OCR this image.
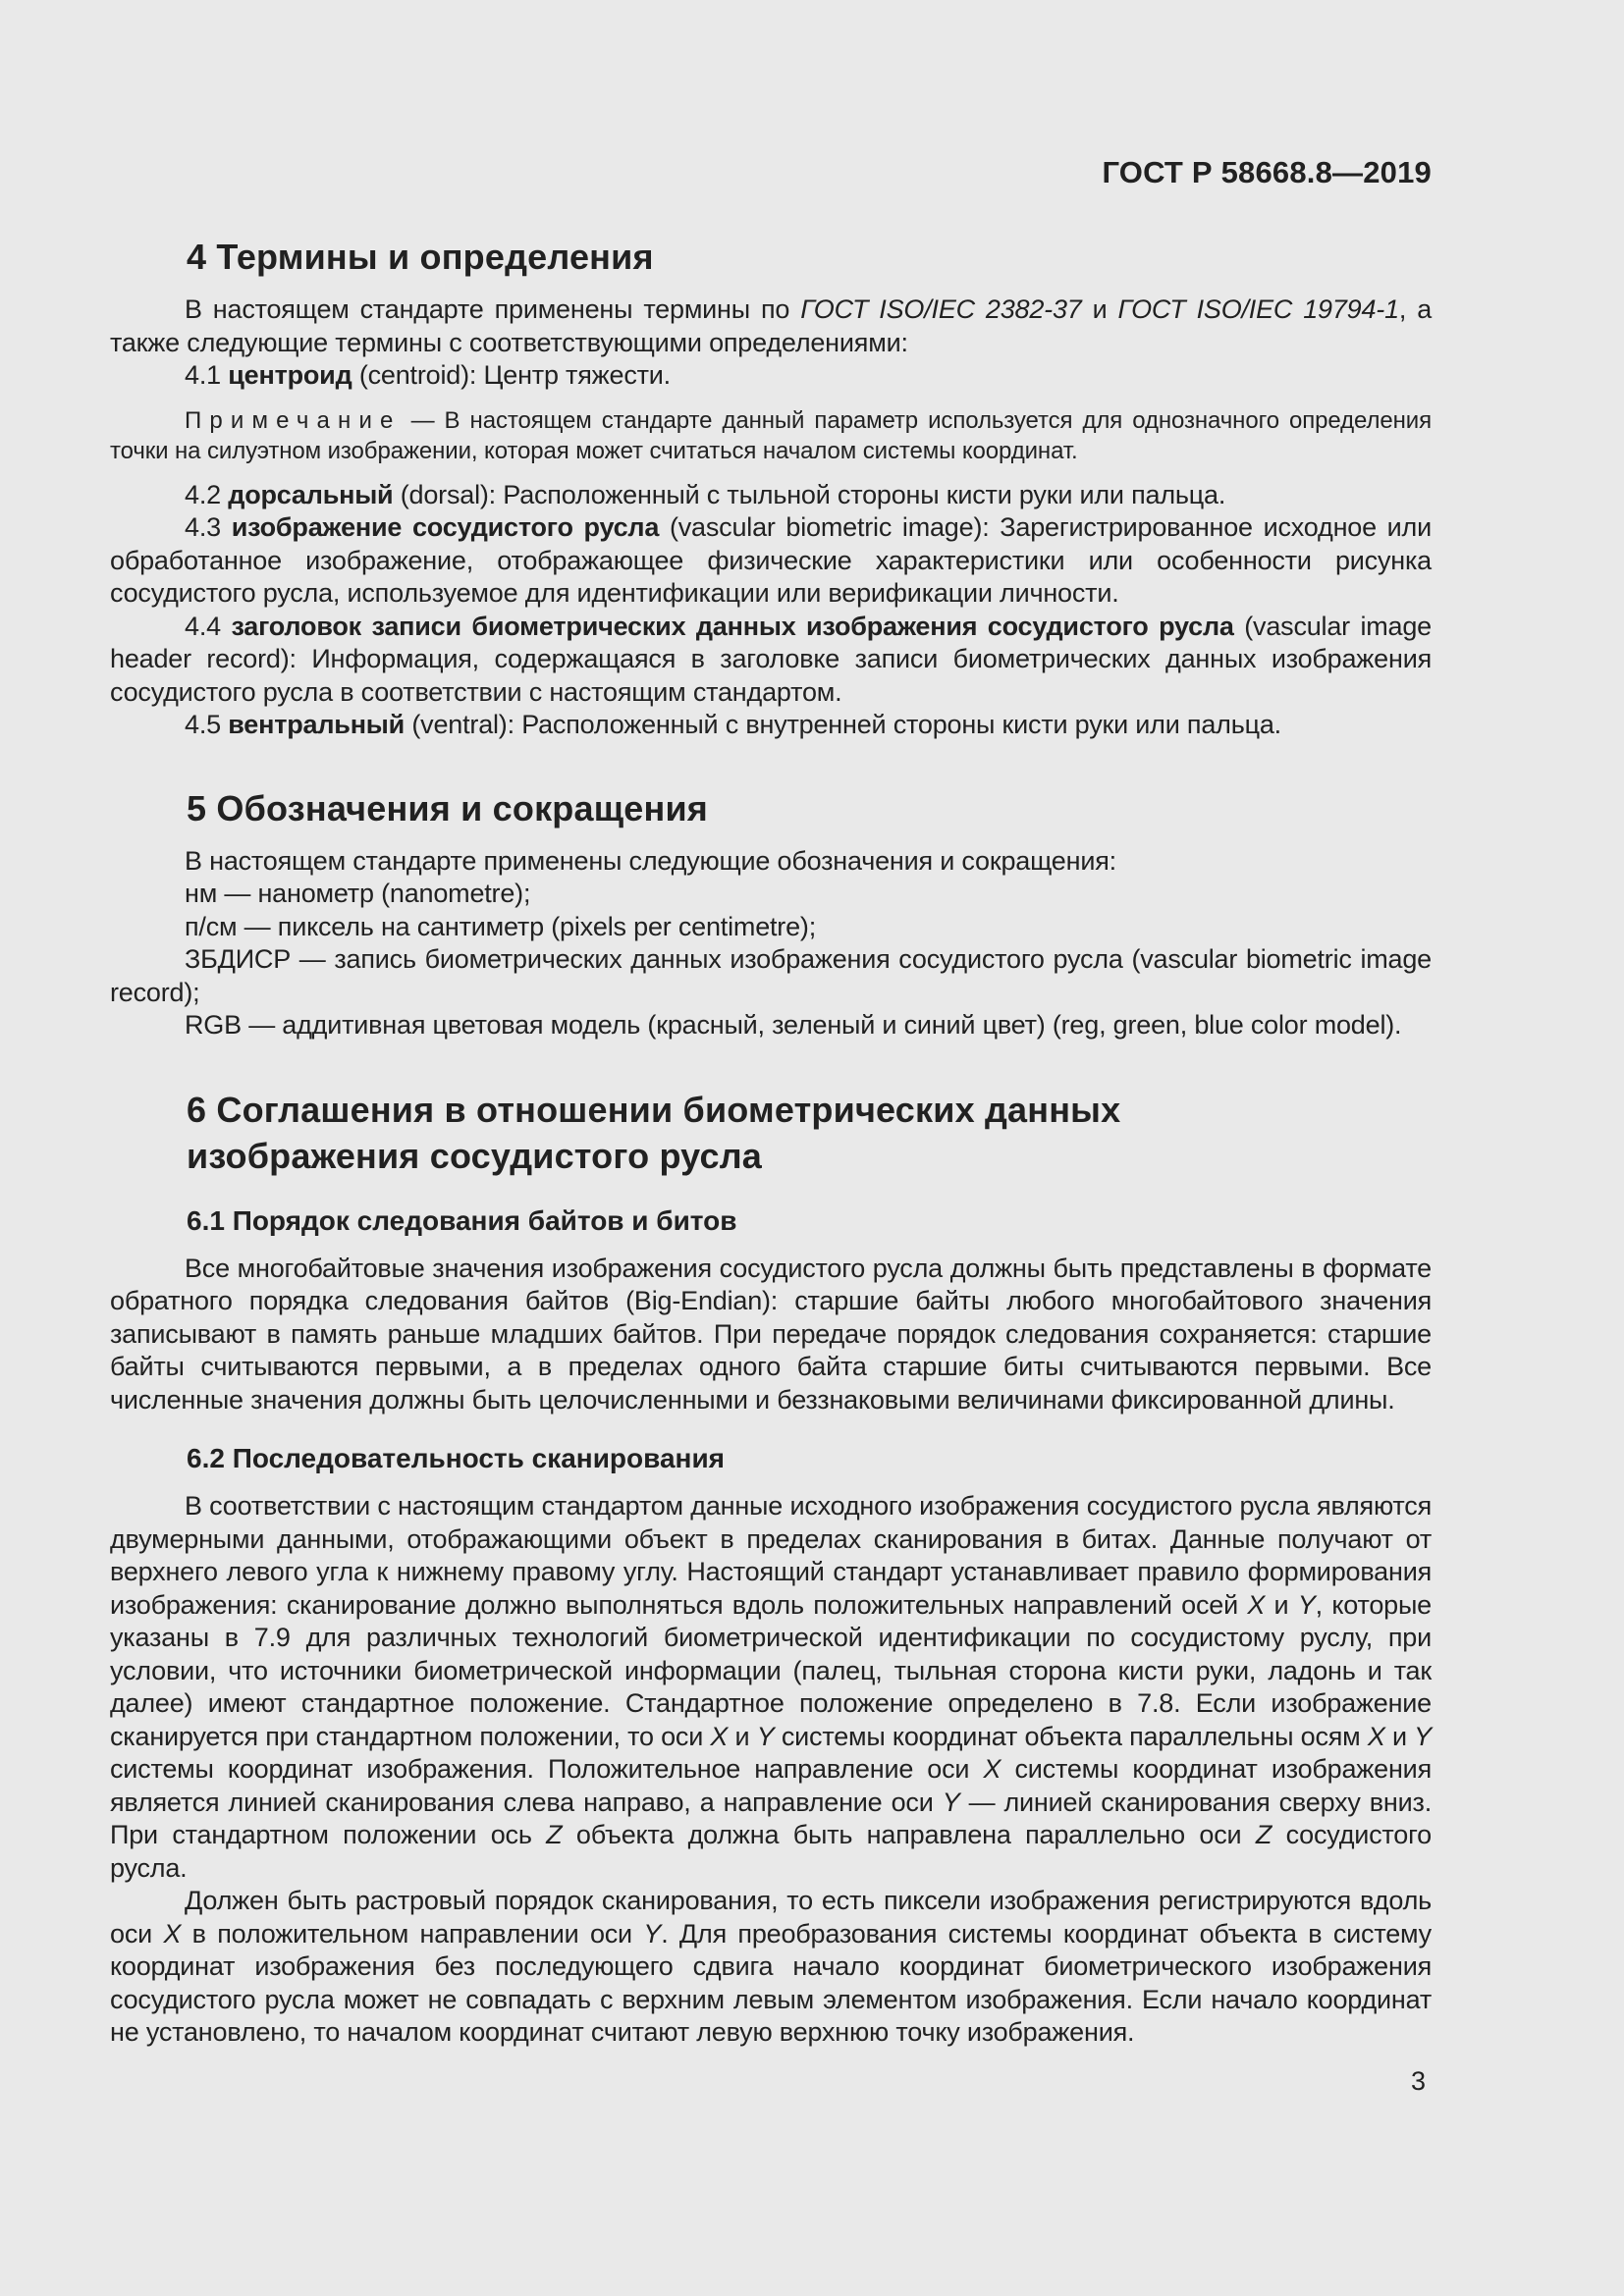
ГОСТ Р 58668.8—2019
4 Термины и определения

В настоящем стандарте применены термины по ГОСТ ISO/IEC 2382-37 и ГОСТ ISO/IEC 19794-1, а также следующие термины с соответствующими определениями:

4.1 центроид (centroid): Центр тяжести.

Примечание — В настоящем стандарте данный параметр используется для однозначного определения точки на силуэтном изображении, которая может считаться началом системы координат.

4.2 дорсальный (dorsal): Расположенный с тыльной стороны кисти руки или пальца.

4.3 изображение сосудистого русла (vascular biometric image): Зарегистрированное исходное или обработанное изображение, отображающее физические характеристики или особенности рисунка сосудистого русла, используемое для идентификации или верификации личности.

4.4 заголовок записи биометрических данных изображения сосудистого русла (vascular image header record): Информация, содержащаяся в заголовке записи биометрических данных изображения сосудистого русла в соответствии с настоящим стандартом.

4.5 вентральный (ventral): Расположенный с внутренней стороны кисти руки или пальца.

5 Обозначения и сокращения

В настоящем стандарте применены следующие обозначения и сокращения:

нм — нанометр (nanometre);

п/см — пиксель на сантиметр (pixels per centimetre);

ЗБДИСР — запись биометрических данных изображения сосудистого русла (vascular biometric image record);

RGB — аддитивная цветовая модель (красный, зеленый и синий цвет) (reg, green, blue color model).

6 Соглашения в отношении биометрических данных изображения сосудистого русла
6.1 Порядок следования байтов и битов

Все многобайтовые значения изображения сосудистого русла должны быть представлены в формате обратного порядка следования байтов (Big-Endian): старшие байты любого многобайтового значения записывают в память раньше младших байтов. При передаче порядок следования сохраняется: старшие байты считываются первыми, а в пределах одного байта старшие биты считываются первыми. Все численные значения должны быть целочисленными и беззнаковыми величинами фиксированной длины.

6.2 Последовательность сканирования

В соответствии с настоящим стандартом данные исходного изображения сосудистого русла являются двумерными данными, отображающими объект в пределах сканирования в битах. Данные получают от верхнего левого угла к нижнему правому углу. Настоящий стандарт устанавливает правило формирования изображения: сканирование должно выполняться вдоль положительных направлений осей X и Y, которые указаны в 7.9 для различных технологий биометрической идентификации по сосудистому руслу, при условии, что источники биометрической информации (палец, тыльная сторона кисти руки, ладонь и так далее) имеют стандартное положение. Стандартное положение определено в 7.8. Если изображение сканируется при стандартном положении, то оси X и Y системы координат объекта параллельны осям X и Y системы координат изображения. Положительное направление оси X системы координат изображения является линией сканирования слева направо, а направление оси Y — линией сканирования сверху вниз. При стандартном положении ось Z объекта должна быть направлена параллельно оси Z сосудистого русла.

Должен быть растровый порядок сканирования, то есть пиксели изображения регистрируются вдоль оси X в положительном направлении оси Y. Для преобразования системы координат объекта в систему координат изображения без последующего сдвига начало координат биометрического изображения сосудистого русла может не совпадать с верхним левым элементом изображения. Если начало координат не установлено, то началом координат считают левую верхнюю точку изображения.

3
